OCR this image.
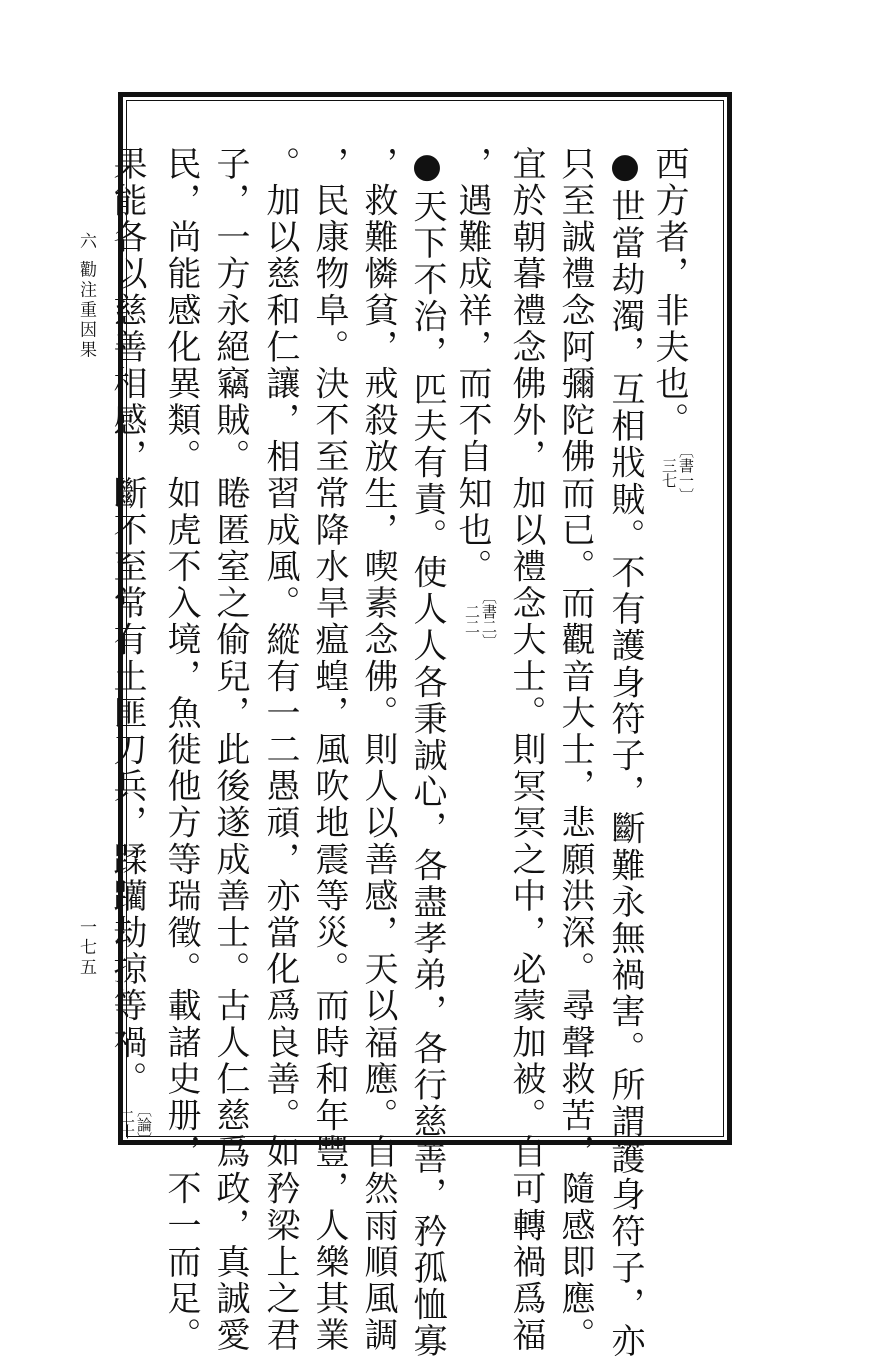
六 勸注重因果
一七五
西方者，非夫也。
〔書一〕
三七
●世當劫濁，互相戕賊。不有護身符子，斷難永無禍害。所謂護身符子，亦
只至誠禮念阿彌陀佛而已。而觀音大士，悲願洪深。尋聲救苦，隨感即應。
宜於朝暮禮念佛外，加以禮念大士。則冥冥之中，必蒙加被。自可轉禍爲福
，遇難成祥，而不自知也。
〔書二〕
二二
●天下不治，匹夫有責。使人人各秉誠心，各盡孝弟，各行慈善，矜孤恤寡
，救難憐貧，戒殺放生，喫素念佛。則人以善感，天以福應。自然雨順風調
，民康物阜。決不至常降水旱瘟蝗，風吹地震等災。而時和年豐，人樂其業
。加以慈和仁讓，相習成風。縱有一二愚頑，亦當化爲良善。如矜梁上之君
子，一方永絕竊賊。睠匿室之偷兒，此後遂成善士。古人仁慈爲政，真誠愛
民，尚能感化異類。如虎不入境，魚徙他方等瑞徵。載諸史册，不一而足。
果能各以慈善相感，斷不至常有土匪刀兵，蹂躪劫掠等禍。
〔論〕
二十
